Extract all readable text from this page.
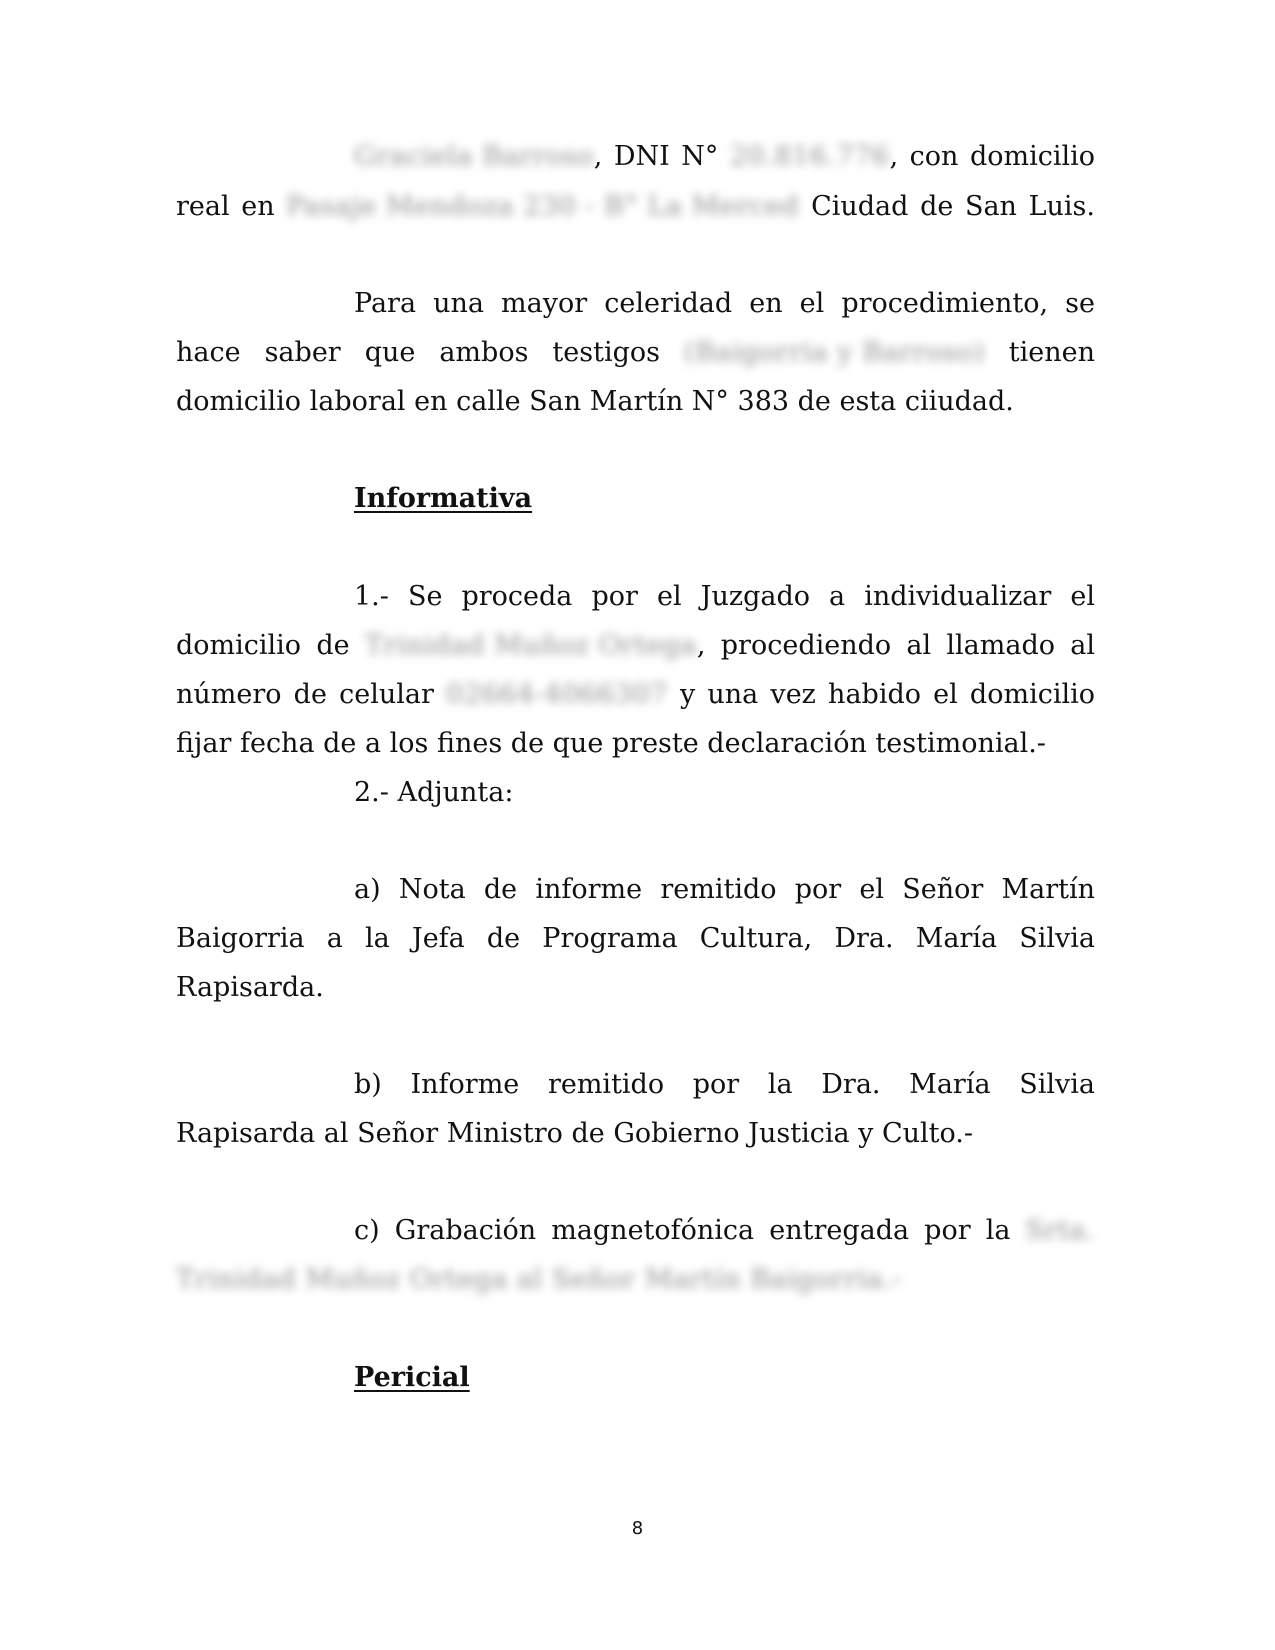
Graciela Barroso, DNI N° 20.816.776, con domicilio
real en Pasaje Mendoza 230 - B° La Merced Ciudad de San Luis.
Para una mayor celeridad en el procedimiento, se
hace saber que ambos testigos (Baigorria y Barroso) tienen
domicilio laboral en calle San Martín N° 383 de esta ciiudad.
Informativa
1.- Se proceda por el Juzgado a individualizar el
domicilio de Trinidad Muñoz Ortega, procediendo al llamado al
número de celular 02664-4066307 y una vez habido el domicilio
fijar fecha de a los fines de que preste declaración testimonial.-
2.- Adjunta:
a) Nota de informe remitido por el Señor Martín
Baigorria a la Jefa de Programa Cultura, Dra. María Silvia
Rapisarda.
b) Informe remitido por la Dra. María Silvia
Rapisarda al Señor Ministro de Gobierno Justicia y Culto.-
c) Grabación magnetofónica entregada por la Srta.
Trinidad Muñoz Ortega al Señor Martín Baigorria.-
Pericial
8
